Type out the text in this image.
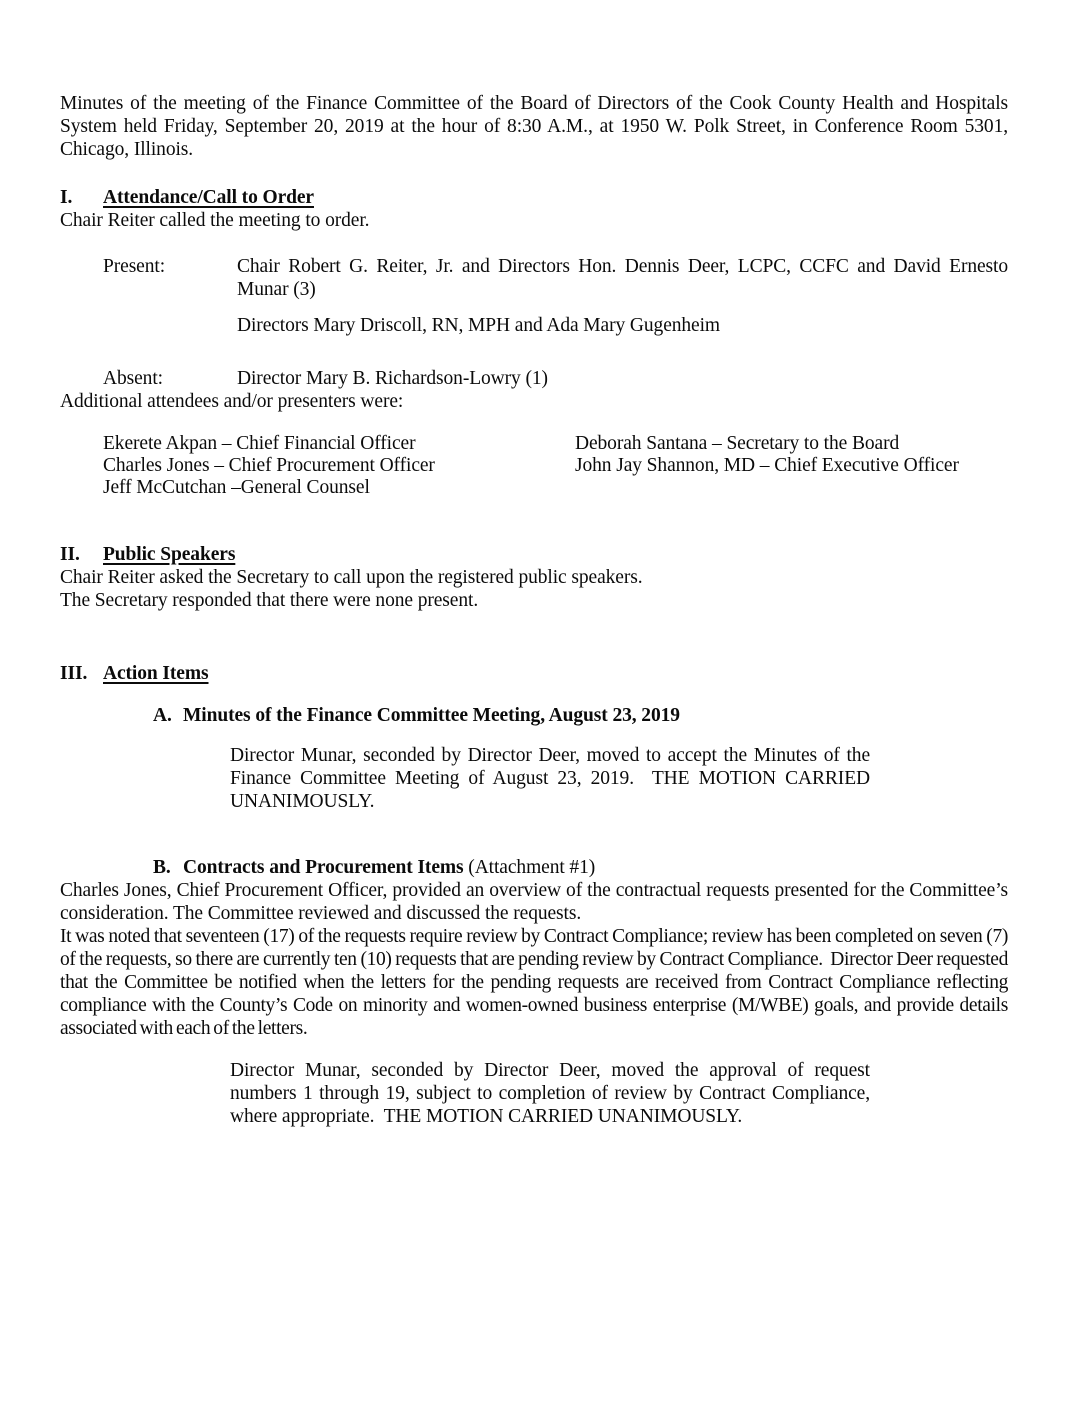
Minutes of the meeting of the Finance Committee of the Board of Directors of the Cook County Health and Hospitals System held Friday, September 20, 2019 at the hour of 8:30 A.M., at 1950 W. Polk Street, in Conference Room 5301, Chicago, Illinois.

I.	Attendance/Call to Order

Chair Reiter called the meeting to order.

Present:	Chair Robert G. Reiter, Jr. and Directors Hon. Dennis Deer, LCPC, CCFC and David Ernesto Munar (3)
Directors Mary Driscoll, RN, MPH and Ada Mary Gugenheim
Absent:	Director Mary B. Richardson-Lowry (1)

Additional attendees and/or presenters were:

Ekerete Akpan – Chief Financial Officer	Deborah Santana – Secretary to the Board
Charles Jones – Chief Procurement Officer	John Jay Shannon, MD – Chief Executive Officer
Jeff McCutchan –General Counsel
II.	Public Speakers

Chair Reiter asked the Secretary to call upon the registered public speakers.

The Secretary responded that there were none present.

III. Action Items
A. Minutes of the Finance Committee Meeting, August 23, 2019
Director Munar, seconded by Director Deer, moved to accept the Minutes of the Finance Committee Meeting of August 23, 2019.  THE MOTION CARRIED UNANIMOUSLY.
B. Contracts and Procurement Items (Attachment #1)

Charles Jones, Chief Procurement Officer, provided an overview of the contractual requests presented for the Committee’s consideration. The Committee reviewed and discussed the requests.

It was noted that seventeen (17) of the requests require review by Contract Compliance; review has been completed on seven (7) of the requests, so there are currently ten (10) requests that are pending review by Contract Compliance.  Director Deer requested that the Committee be notified when the letters for the pending requests are received from Contract Compliance reflecting compliance with the County’s Code on minority and women-owned business enterprise (M/WBE) goals, and provide details associated with each of the letters.

Director Munar, seconded by Director Deer, moved the approval of request numbers 1 through 19, subject to completion of review by Contract Compliance, where appropriate.  THE MOTION CARRIED UNANIMOUSLY.
